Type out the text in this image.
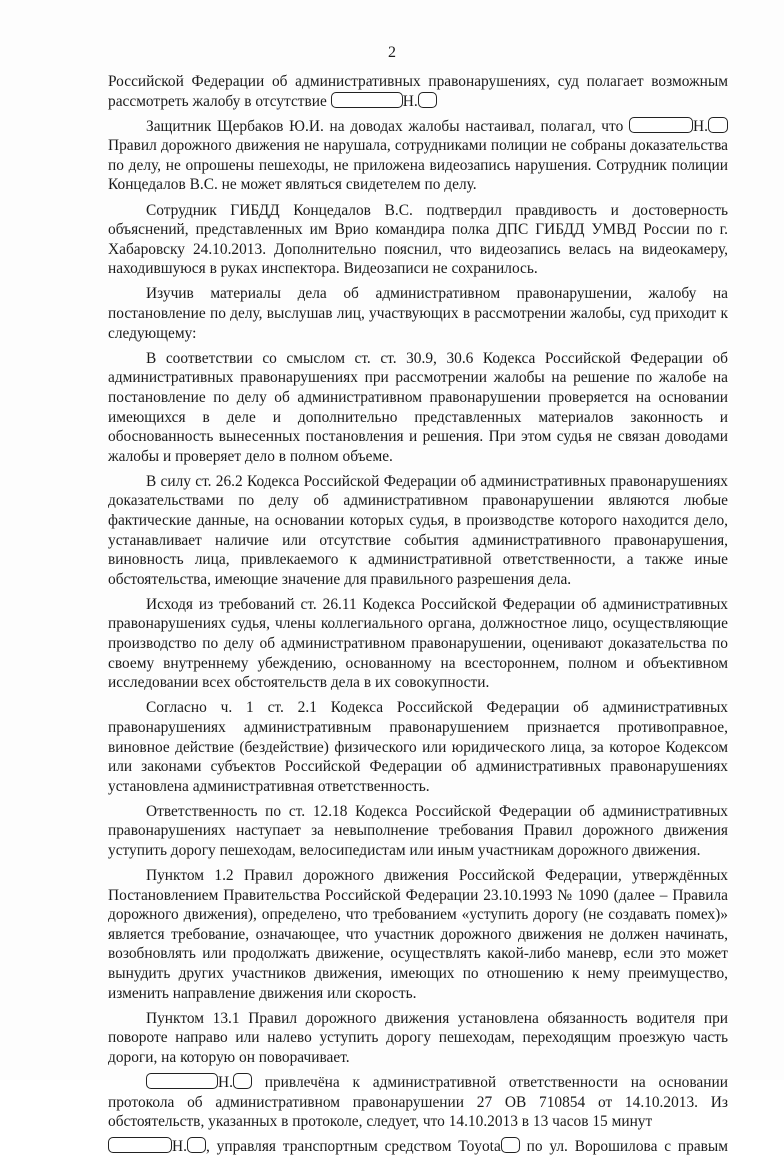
2

Российской Федерации об административных правонарушениях, суд полагает возможным рассмотреть жалобу в отсутствие	Н.

Защитник Щербаков Ю.И. на доводах жалобы настаивал, полагал, что	Н. Правил дорожного движения не нарушала, сотрудниками полиции не собраны доказательства по делу, не опрошены пешеходы, не приложена видеозапись нарушения. Сотрудник полиции Концедалов В.С. не может являться свидетелем по делу.

Сотрудник ГИБДД Концедалов В.С. подтвердил правдивость и достоверность объяснений, представленных им Врио командира полка ДПС ГИБДД УМВД России по г. Хабаровску 24.10.2013. Дополнительно пояснил, что видеозапись велась на видеокамеру, находившуюся в руках инспектора. Видеозаписи не сохранилось.

Изучив материалы дела об административном правонарушении, жалобу на постановление по делу, выслушав лиц, участвующих в рассмотрении жалобы, суд приходит к следующему:

В соответствии со смыслом ст. ст. 30.9, 30.6 Кодекса Российской Федерации об административных правонарушениях при рассмотрении жалобы на решение по жалобе на постановление по делу об административном правонарушении проверяется на основании имеющихся в деле и дополнительно представленных материалов законность и обоснованность вынесенных постановления и решения. При этом судья не связан доводами жалобы и проверяет дело в полном объеме.

В силу ст. 26.2 Кодекса Российской Федерации об административных правонарушениях доказательствами по делу об административном правонарушении являются любые фактические данные, на основании которых судья, в производстве которого находится дело, устанавливает наличие или отсутствие события административного правонарушения, виновность лица, привлекаемого к административной ответственности, а также иные обстоятельства, имеющие значение для правильного разрешения дела.

Исходя из требований ст. 26.11 Кодекса Российской Федерации об административных правонарушениях судья, члены коллегиального органа, должностное лицо, осуществляющие производство по делу об административном правонарушении, оценивают доказательства по своему внутреннему убеждению, основанному на всестороннем, полном и объективном исследовании всех обстоятельств дела в их совокупности.

Согласно ч. 1 ст. 2.1 Кодекса Российской Федерации об административных правонарушениях административным правонарушением признается противоправное, виновное действие (бездействие) физического или юридического лица, за которое Кодексом или законами субъектов Российской Федерации об административных правонарушениях установлена административная ответственность.

Ответственность по ст. 12.18 Кодекса Российской Федерации об административных правонарушениях наступает за невыполнение требования Правил дорожного движения уступить дорогу пешеходам, велосипедистам или иным участникам дорожного движения.

Пунктом 1.2 Правил дорожного движения Российской Федерации, утверждённых Постановлением Правительства Российской Федерации 23.10.1993 № 1090 (далее – Правила дорожного движения), определено, что требованием «уступить дорогу (не создавать помех)» является требование, означающее, что участник дорожного движения не должен начинать, возобновлять или продолжать движение, осуществлять какой-либо маневр, если это может вынудить других участников движения, имеющих по отношению к нему преимущество, изменить направление движения или скорость.

Пунктом 13.1 Правил дорожного движения установлена обязанность водителя при повороте направо или налево уступить дорогу пешеходам, переходящим проезжую часть дороги, на которую он поворачивает.

Н. привлечёна к административной ответственности на основании протокола об административном правонарушении 27 ОВ 710854 от 14.10.2013. Из обстоятельств, указанных в протоколе, следует, что 14.10.2013 в 13 часов 15 минут

Н. , управляя транспортным средством Toyota по ул. Ворошилова с правым
